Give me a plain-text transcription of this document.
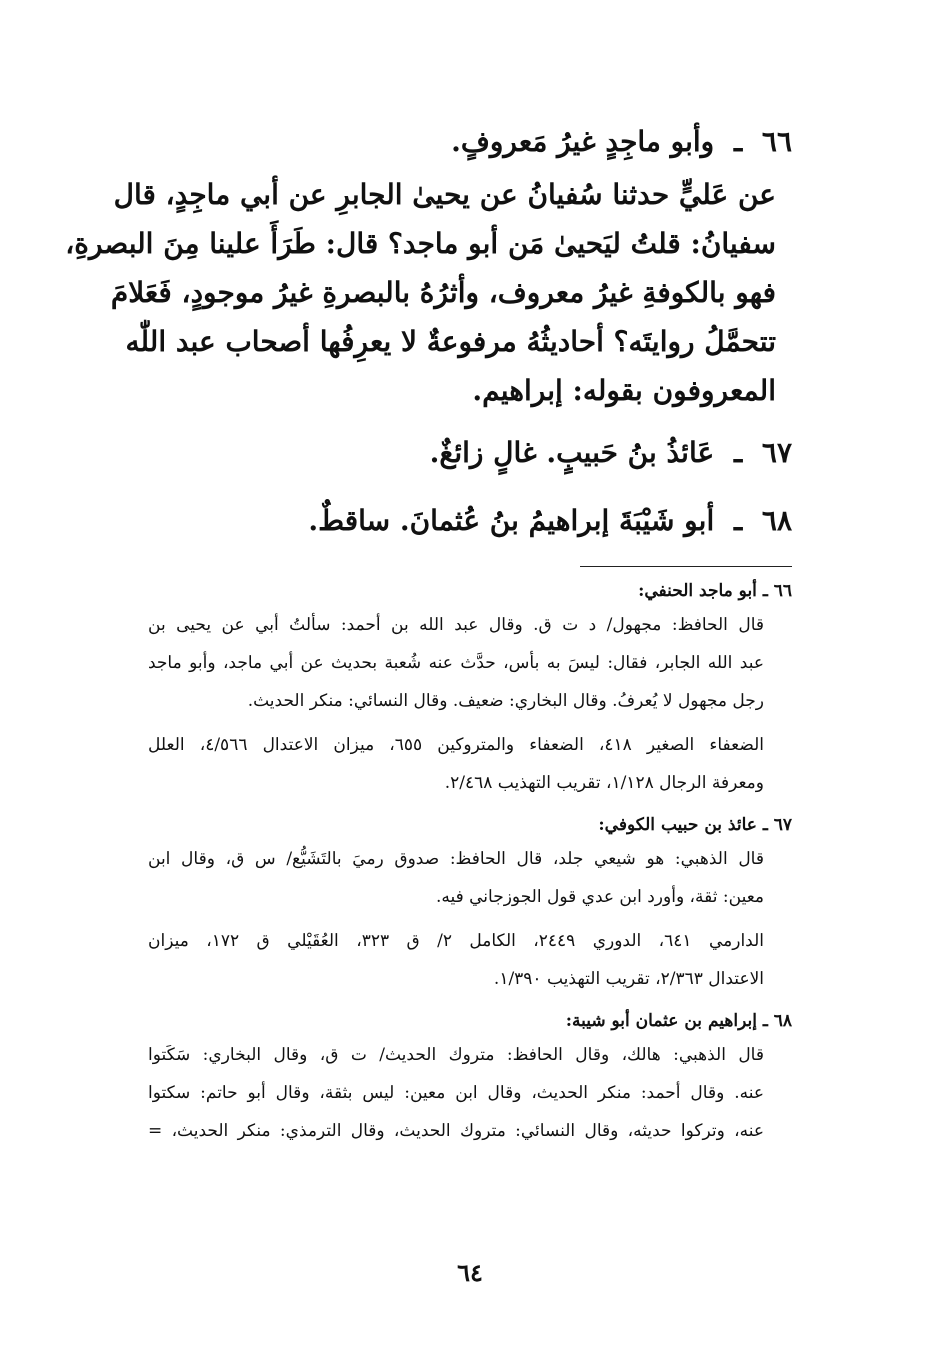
٦٦ ـ وأبو ماجِدٍ غيرُ مَعروفٍ.
عن عَليٍّ حدثنا سُفيانُ عن يحيىٰ الجابرِ عن أبي ماجِدٍ، قال
سفيانُ: قلتُ ليَحيىٰ مَن أبو ماجد؟ قال: طَرَأَ علينا مِنَ البصرةِ،
فهو بالكوفةِ غيرُ معروف، وأثرُهُ بالبصرةِ غيرُ موجودٍ، فَعَلامَ
تتحمَّلُ روايتَه؟ أحاديثُهُ مرفوعةٌ لا يعرِفُها أصحاب عبد اللّٰه
المعروفون بقوله: إبراهيم.
٦٧ ـ عَائذُ بنُ حَبيبٍ. غالٍ زائغٌ.
٦٨ ـ أبو شَيْبَةَ إبراهيمُ بنُ عُثمانَ. ساقطٌ.
٦٦ ـ أبو ماجد الحنفي:
قال الحافظ: مجهول/ د ت ق. وقال عبد الله بن أحمد: سألتُ أبي عن يحيى بن
عبد الله الجابر، فقال: ليسَ به بأس، حدَّث عنه شُعبة بحديث عن أبي ماجد، وأبو ماجد
رجل مجهول لا يُعرفُ. وقال البخاري: ضعيف. وقال النسائي: منكر الحديث.
الضعفاء الصغير ٤١٨، الضعفاء والمتروكين ٦٥٥، ميزان الاعتدال ٤/٥٦٦، العلل
ومعرفة الرجال ١/١٢٨، تقريب التهذيب ٢/٤٦٨.
٦٧ ـ عائذ بن حبيب الكوفي:
قال الذهبي: هو شيعي جلد، قال الحافظ: صدوق رميَ بالتَشَيُّع/ س ق، وقال ابن
معين: ثقة، وأورد ابن عدي قول الجوزجاني فيه.
الدارمي ٦٤١، الدوري ٢٤٤٩، الكامل ٢/ ق ٣٢٣، العُقَيْلي ق ١٧٢، ميزان
الاعتدال ٢/٣٦٣، تقريب التهذيب ١/٣٩٠.
٦٨ ـ إبراهيم بن عثمان أبو شيبة:
قال الذهبي: هالك، وقال الحافظ: متروك الحديث/ ت ق، وقال البخاري: سَكَتوا
عنه. وقال أحمد: منكر الحديث، وقال ابن معين: ليس بثقة، وقال أبو حاتم: سكتوا
عنه، وتركوا حديثه، وقال النسائي: متروك الحديث، وقال الترمذي: منكر الحديث، =
٦٤
